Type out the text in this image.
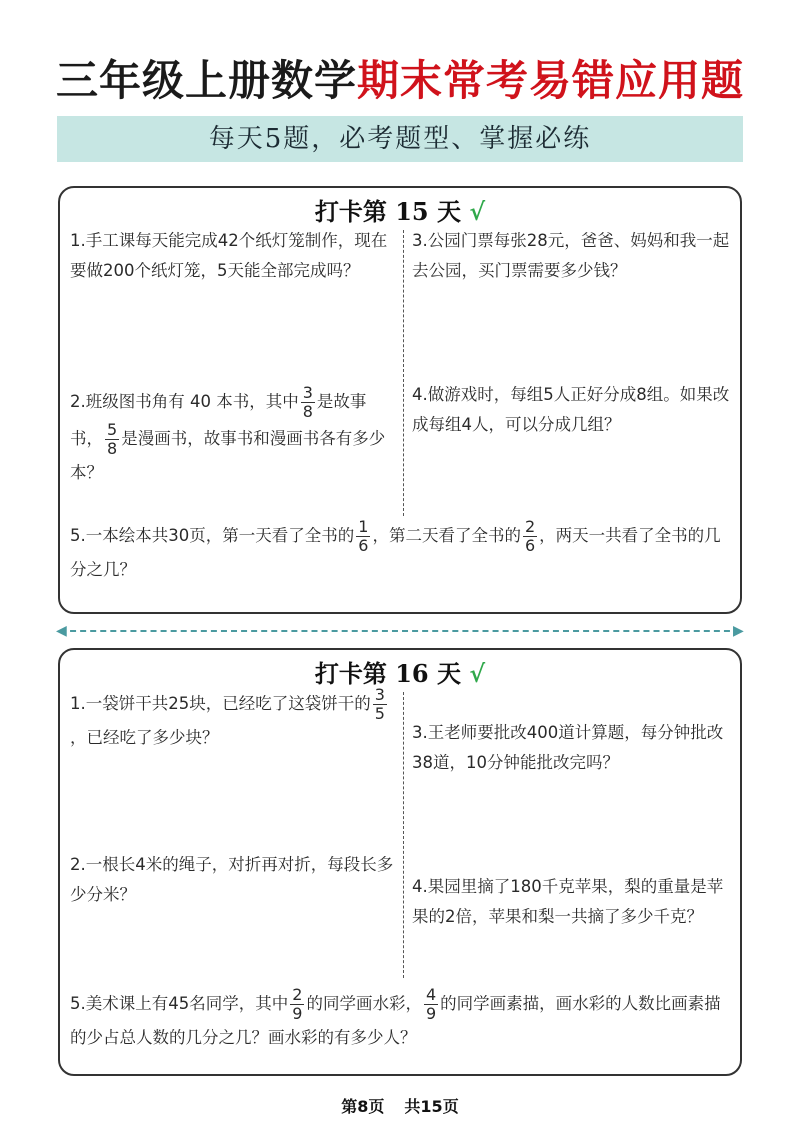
三年级上册数学期末常考易错应用题
每天5题，必考题型、掌握必练
打卡第 15 天 √
1.手工课每天能完成42个纸灯笼制作，现在要做200个纸灯笼，5天能全部完成吗？
2.班级图书角有 40 本书，其中 $\frac{3}{8}$ 是故事书， $\frac{5}{8}$ 是漫画书，故事书和漫画书各有多少本？
3.公园门票每张28元，爸爸、妈妈和我一起去公园，买门票需要多少钱？
4.做游戏时，每组5人正好分成8组。如果改成每组4人，可以分成几组？
5.一本绘本共30页，第一天看了全书的 $\frac{1}{6}$ ，第二天看了全书的 $\frac{2}{6}$ ，两天一共看了全书的几分之几？
◀	▶
打卡第 16 天 √
1.一袋饼干共25块，已经吃了这袋饼干的 $\frac{3}{5}$
，已经吃了多少块？
2.一根长4米的绳子，对折再对折，每段长多少分米？
3.王老师要批改400道计算题，每分钟批改38道，10分钟能批改完吗？
4.果园里摘了180千克苹果，梨的重量是苹果的2倍，苹果和梨一共摘了多少千克？
5.美术课上有45名同学，其中 $\frac{2}{9}$ 的同学画水彩， $\frac{4}{9}$ 的同学画素描，画水彩的人数比画素描的少占总人数的几分之几？画水彩的有多少人？
第8页 共15页
